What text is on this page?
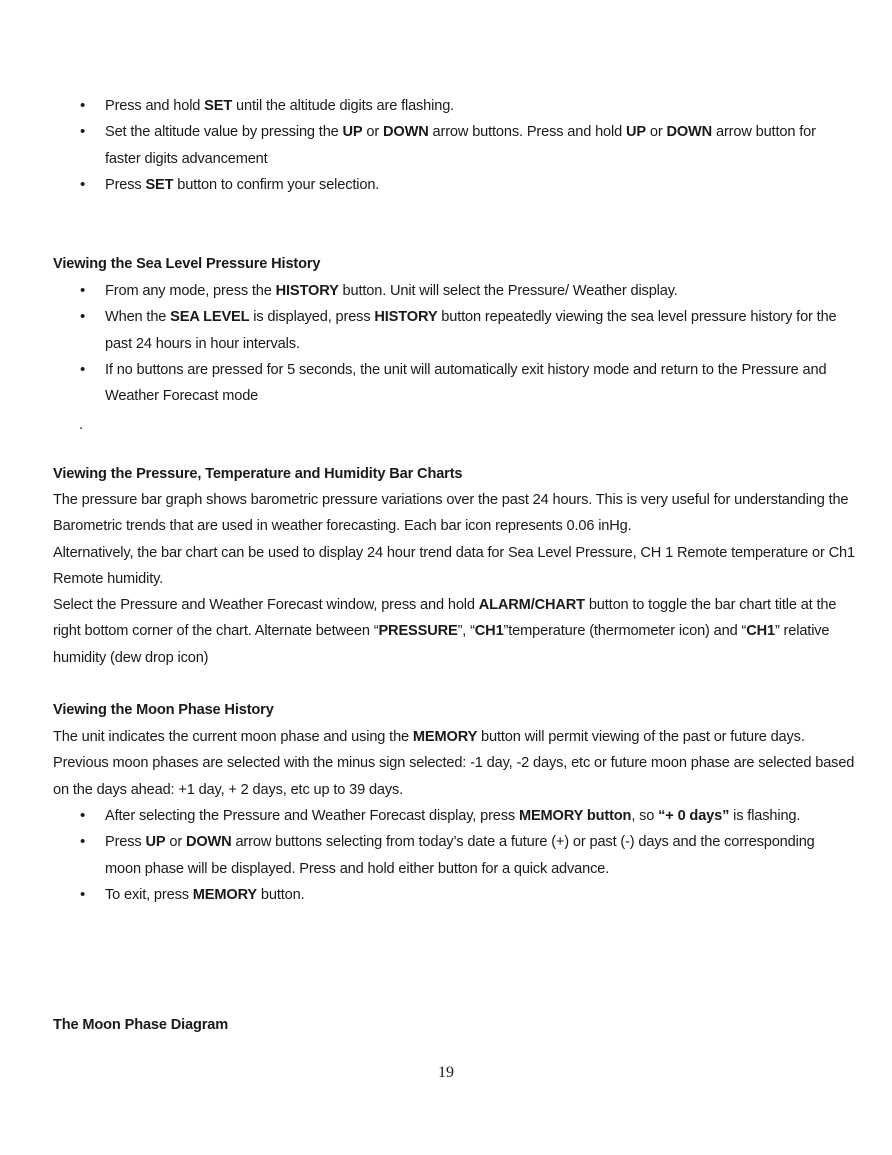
• Press and hold SET until the altitude digits are flashing.
• Set the altitude value by pressing the UP or DOWN arrow buttons. Press and hold UP or DOWN arrow button for faster digits advancement
• Press SET button to confirm your selection.
Viewing the Sea Level Pressure History
• From any mode, press the HISTORY button. Unit will select the Pressure/ Weather display.
• When the SEA LEVEL is displayed, press HISTORY button repeatedly viewing the sea level pressure history for the past 24 hours in hour intervals.
• If no buttons are pressed for 5 seconds, the unit will automatically exit history mode and return to the Pressure and Weather Forecast mode
.
Viewing the Pressure, Temperature and Humidity Bar Charts
The pressure bar graph shows barometric pressure variations over the past 24 hours. This is very useful for understanding the Barometric trends that are used in weather forecasting. Each bar icon represents 0.06 inHg.
Alternatively, the bar chart can be used to display 24 hour trend data for Sea Level Pressure, CH 1 Remote temperature or Ch1 Remote humidity.
Select the Pressure and Weather Forecast window, press and hold ALARM/CHART button to toggle the bar chart title at the right bottom corner of the chart. Alternate between “PRESSURE”, “CH1”temperature (thermometer icon) and “CH1” relative humidity (dew drop icon)
Viewing the Moon Phase History
The unit indicates the current moon phase and using the MEMORY button will permit viewing of the past or future days. Previous moon phases are selected with the minus sign selected: -1 day, -2 days, etc or future moon phase are selected based on the days ahead: +1 day, + 2 days, etc up to 39 days.
• After selecting the Pressure and Weather Forecast display, press MEMORY button, so “+ 0 days” is flashing.
• Press UP or DOWN arrow buttons selecting from today’s date a future (+) or past (-) days and the corresponding moon phase will be displayed. Press and hold either button for a quick advance.
• To exit, press MEMORY button.
The Moon Phase Diagram
19
